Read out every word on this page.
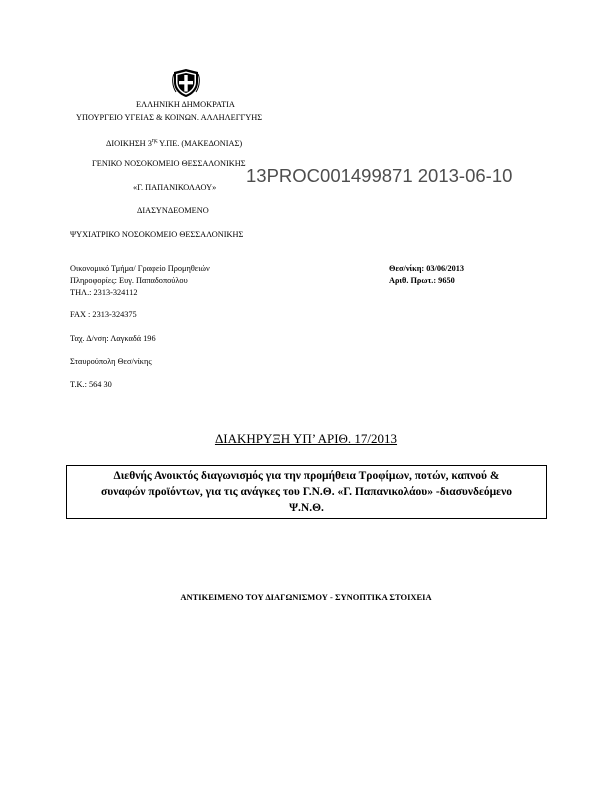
ΕΛΛΗΝΙΚΗ ΔΗΜΟΚΡΑΤΙΑ
ΥΠΟΥΡΓΕΙΟ ΥΓΕΙΑΣ & ΚΟΙΝΩΝ. ΑΛΛΗΛΕΓΓΥΗΣ
ΔΙΟΙΚΗΣΗ $3^{\eta\varsigma}$ Υ.ΠΕ. (ΜΑΚΕΔΟΝΙΑΣ)
ΓΕΝΙΚΟ ΝΟΣΟΚΟΜΕΙΟ ΘΕΣΣΑΛΟΝΙΚΗΣ
«Γ. ΠΑΠΑΝΙΚΟΛΑΟΥ»
ΔΙΑΣΥΝΔΕΟΜΕΝΟ
ΨΥΧΙΑΤΡΙΚΟ ΝΟΣΟΚΟΜΕΙΟ ΘΕΣΣΑΛΟΝΙΚΗΣ
13PROC001499871 2013-06-10
Οικονομικό Τμήμα/ Γραφείο Προμηθειών
Πληροφορίες: Ευγ. Παπαδοπούλου
ΤΗΛ.: 2313-324112
FAX : 2313-324375
Ταχ. Δ/νση: Λαγκαδά 196
Σταυρούπολη Θεσ/νίκης
Τ.Κ.: 564 30
Θεσ/νίκη: 03/06/2013
Αριθ. Πρωτ.: 9650
ΔΙΑΚΗΡΥΞΗ ΥΠ’ ΑΡΙΘ. 17/2013
Διεθνής Ανοικτός διαγωνισμός για την προμήθεια Τροφίμων, ποτών, καπνού &
συναφών προϊόντων, για τις ανάγκες του Γ.Ν.Θ. «Γ. Παπανικολάου» -διασυνδεόμενο
Ψ.Ν.Θ.
ΑΝΤΙΚΕΙΜΕΝΟ ΤΟΥ ΔΙΑΓΩΝΙΣΜΟΥ - ΣΥΝΟΠΤΙΚΑ ΣΤΟΙΧΕΙΑ
